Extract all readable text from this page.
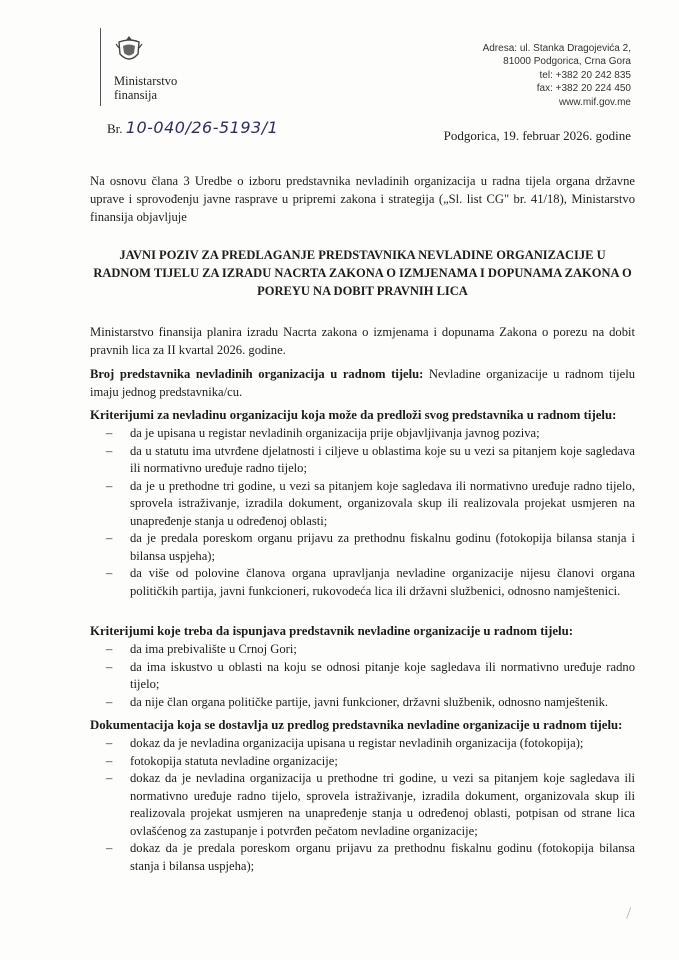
Ministarstvo
finansija
Adresa: ul. Stanka Dragojevića 2,
81000 Podgorica, Crna Gora
tel: +382 20 242 835
fax: +382 20 224 450
www.mif.gov.me
Br. 10-040/26-5193/1	Podgorica, 19. februar 2026. godine
Na osnovu člana 3 Uredbe o izboru predstavnika nevladinih organizacija u radna tijela organa državne uprave i sprovođenju javne rasprave u pripremi zakona i strategija („Sl. list CG" br. 41/18), Ministarstvo finansija objavljuje
JAVNI POZIV ZA PREDLAGANJE PREDSTAVNIKA NEVLADINE ORGANIZACIJE U RADNOM TIJELU ZA IZRADU NACRTA ZAKONA O IZMJENAMA I DOPUNAMA ZAKONA O POREYU NA DOBIT PRAVNIH LICA
Ministarstvo finansija planira izradu Nacrta zakona o izmjenama i dopunama Zakona o porezu na dobit pravnih lica za II kvartal 2026. godine.
Broj predstavnika nevladinih organizacija u radnom tijelu: Nevladine organizacije u radnom tijelu imaju jednog predstavnika/cu.
Kriterijumi za nevladinu organizaciju koja može da predloži svog predstavnika u radnom tijelu:
– da je upisana u registar nevladinih organizacija prije objavljivanja javnog poziva;
– da u statutu ima utvrđene djelatnosti i ciljeve u oblastima koje su u vezi sa pitanjem koje sagledava ili normativno uređuje radno tijelo;
– da je u prethodne tri godine, u vezi sa pitanjem koje sagledava ili normativno uređuje radno tijelo, sprovela istraživanje, izradila dokument, organizovala skup ili realizovala projekat usmjeren na unapređenje stanja u određenoj oblasti;
– da je predala poreskom organu prijavu za prethodnu fiskalnu godinu (fotokopija bilansa stanja i bilansa uspjeha);
– da više od polovine članova organa upravljanja nevladine organizacije nijesu članovi organa političkih partija, javni funkcioneri, rukovodeća lica ili državni službenici, odnosno namještenici.
Kriterijumi koje treba da ispunjava predstavnik nevladine organizacije u radnom tijelu:
– da ima prebivalište u Crnoj Gori;
– da ima iskustvo u oblasti na koju se odnosi pitanje koje sagledava ili normativno uređuje radno tijelo;
– da nije član organa političke partije, javni funkcioner, državni službenik, odnosno namještenik.
Dokumentacija koja se dostavlja uz predlog predstavnika nevladine organizacije u radnom tijelu:
– dokaz da je nevladina organizacija upisana u registar nevladinih organizacija (fotokopija);
– fotokopija statuta nevladine organizacije;
– dokaz da je nevladina organizacija u prethodne tri godine, u vezi sa pitanjem koje sagledava ili normativno uređuje radno tijelo, sprovela istraživanje, izradila dokument, organizovala skup ili realizovala projekat usmjeren na unapređenje stanja u određenoj oblasti, potpisan od strane lica ovlašćenog za zastupanje i potvrđen pečatom nevladine organizacije;
– dokaz da je predala poreskom organu prijavu za prethodnu fiskalnu godinu (fotokopija bilansa stanja i bilansa uspjeha);
